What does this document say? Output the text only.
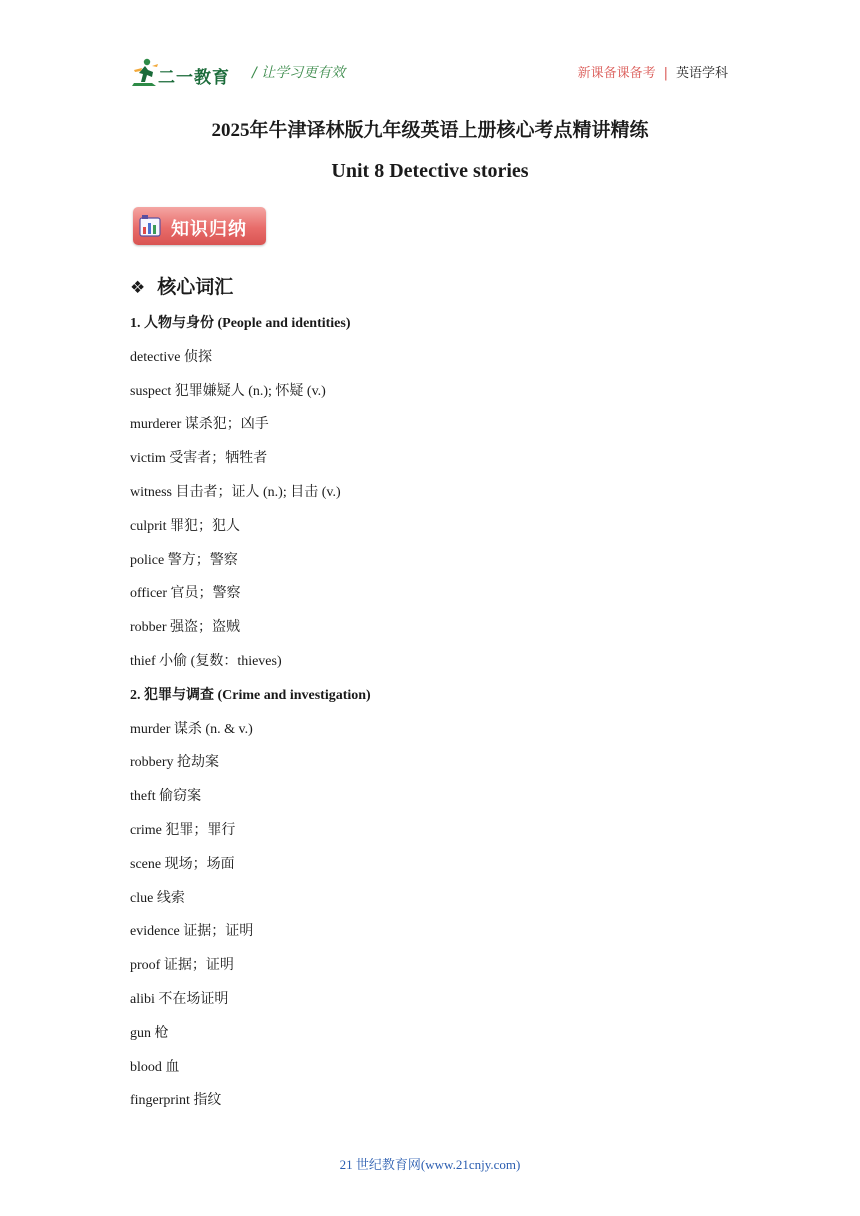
二一教育 / 让学习更有效	新课备课备考 | 英语学科
2025年牛津译林版九年级英语上册核心考点精讲精练
Unit 8 Detective stories
知识归纳
❖ 核心词汇
1. 人物与身份 (People and identities)
detective 侦探
suspect 犯罪嫌疑人 (n.); 怀疑 (v.)
murderer 谋杀犯；凶手
victim 受害者；牺牲者
witness 目击者；证人 (n.); 目击 (v.)
culprit 罪犯；犯人
police 警方；警察
officer 官员；警察
robber 强盗；盗贼
thief 小偷 (复数：thieves)
2. 犯罪与调查 (Crime and investigation)
murder 谋杀 (n. & v.)
robbery 抢劫案
theft 偷窃案
crime 犯罪；罪行
scene 现场；场面
clue 线索
evidence 证据；证明
proof 证据；证明
alibi 不在场证明
gun 枪
blood 血
fingerprint 指纹
21 世纪教育网(www.21cnjy.com)
